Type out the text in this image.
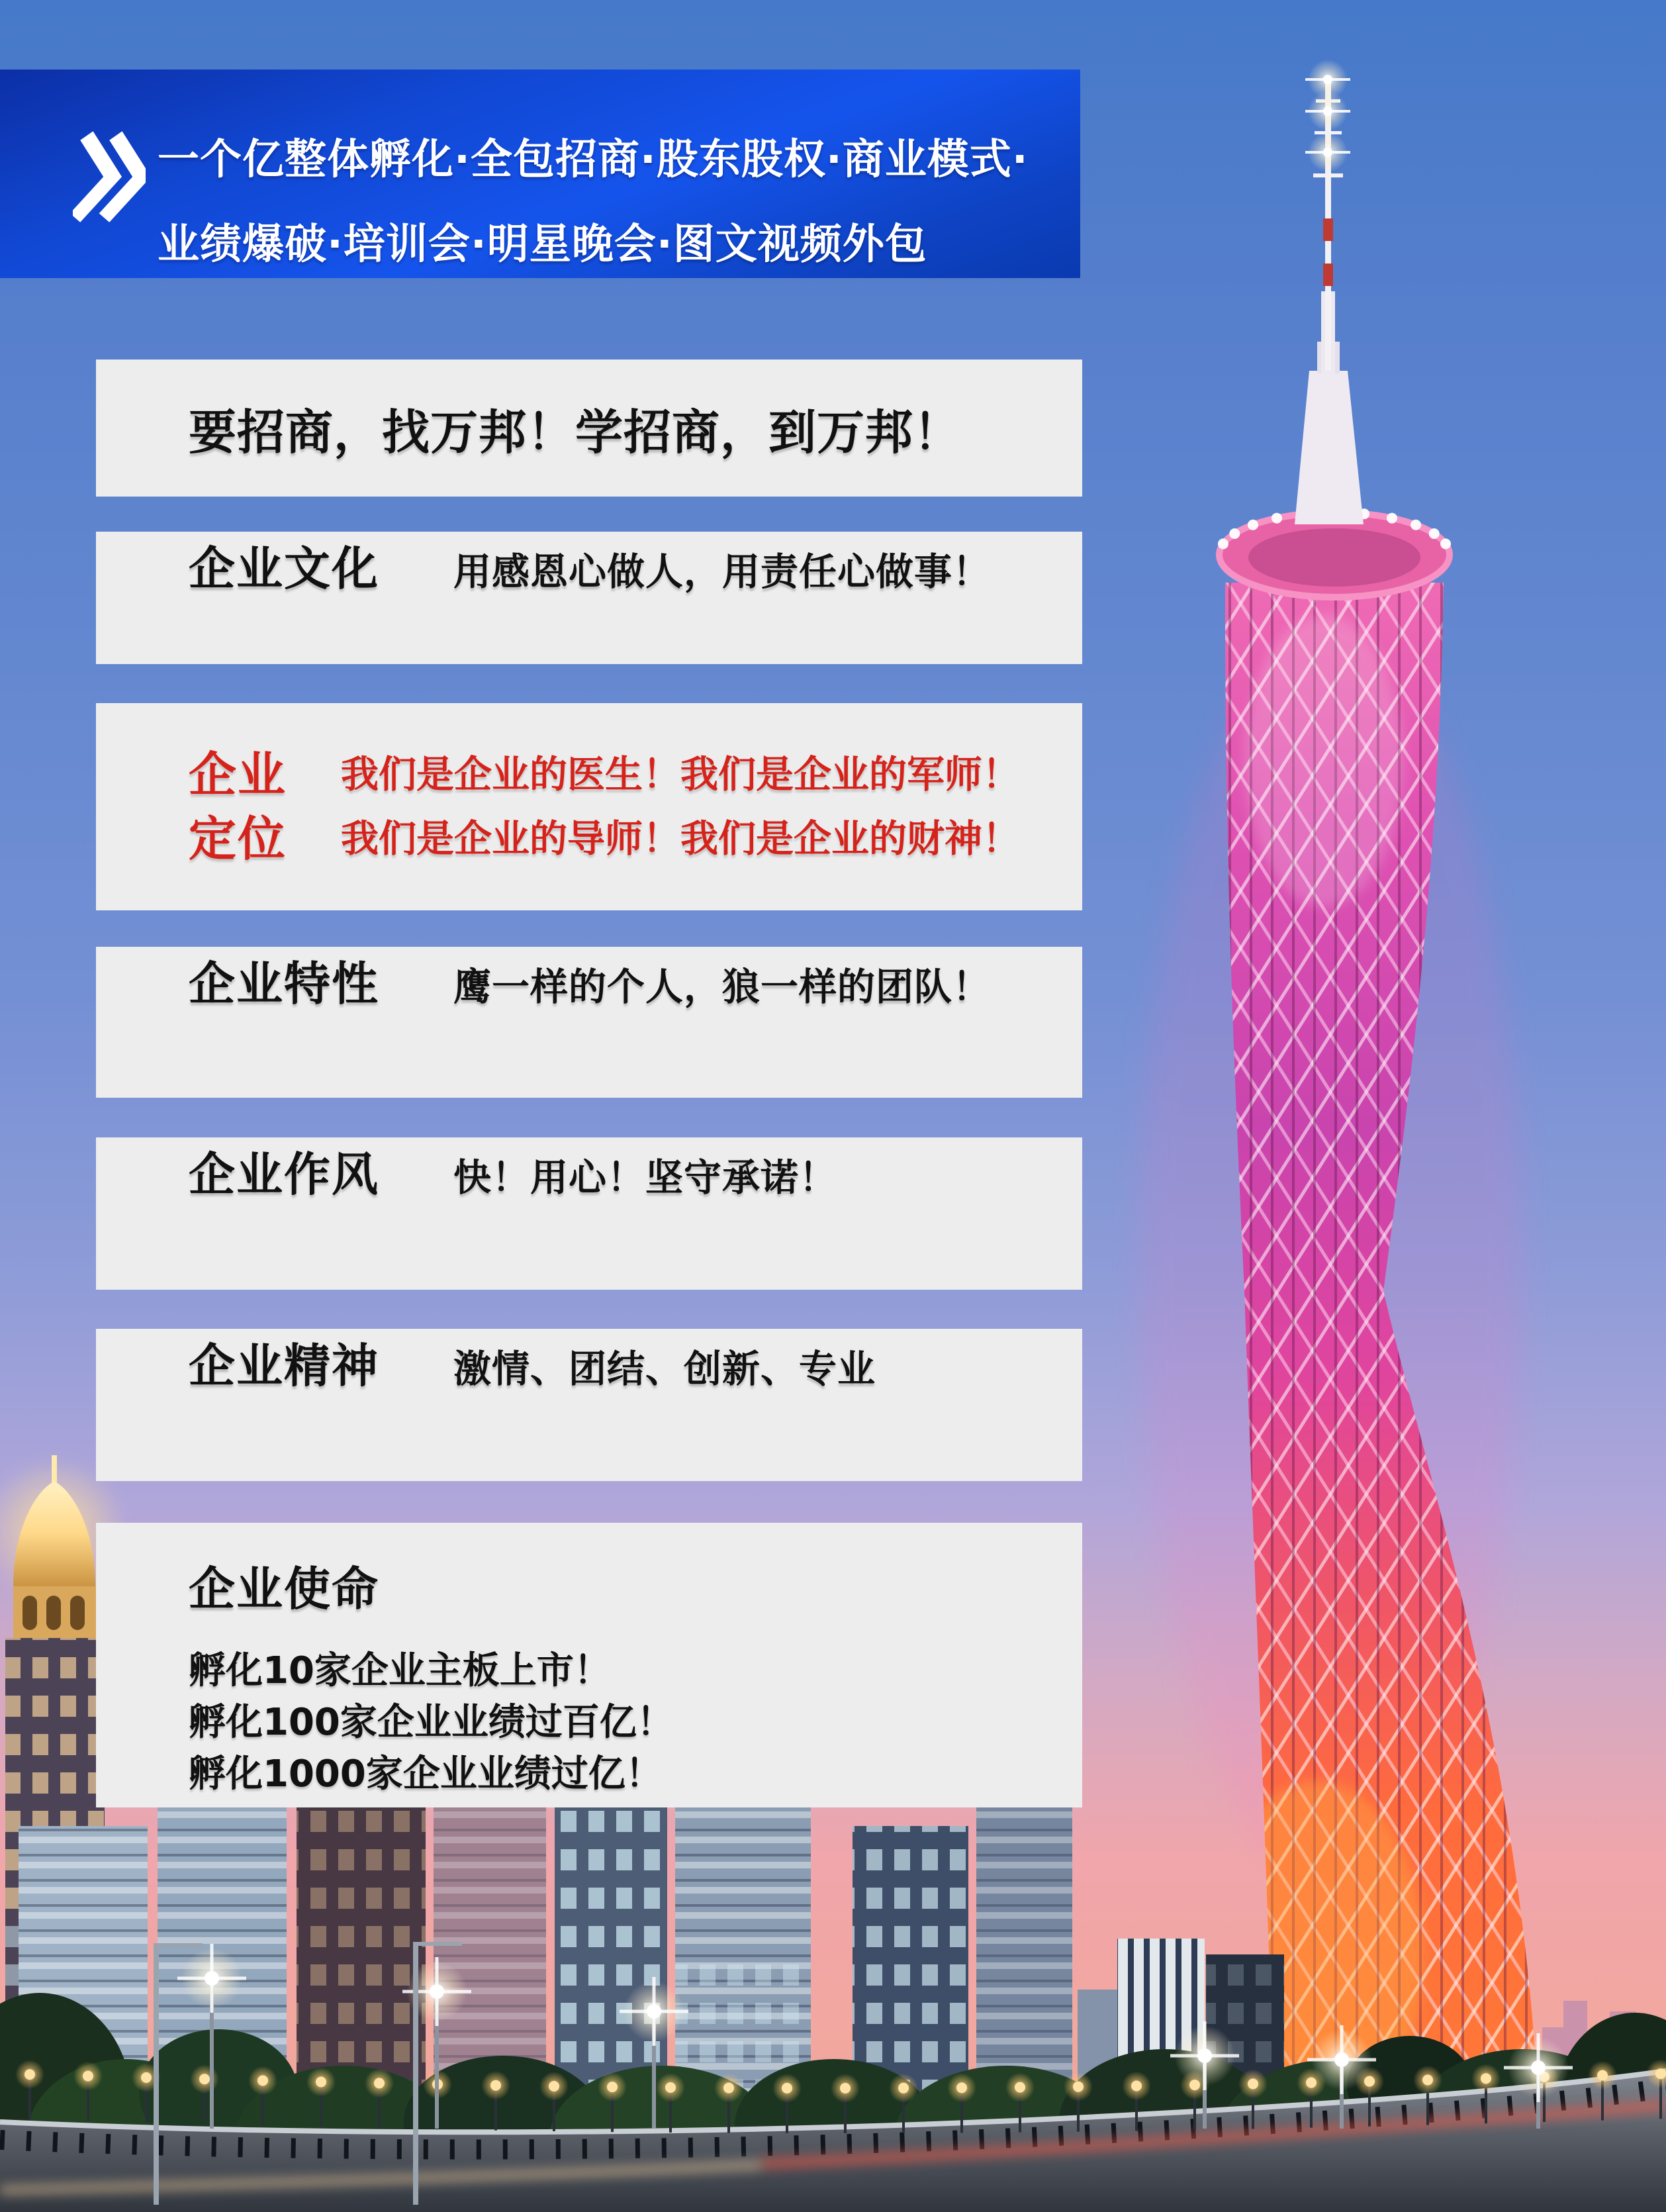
一个亿整体孵化·全包招商·股东股权·商业模式·
业绩爆破·培训会·明星晚会·图文视频外包
要招商，找万邦！学招商，到万邦！
企业文化 用感恩心做人，用责任心做事！
企业
定位
我们是企业的医生！我们是企业的军师！
我们是企业的导师！我们是企业的财神！
企业特性 鹰一样的个人，狼一样的团队！
企业作风 快！用心！坚守承诺！
企业精神 激情、团结、创新、专业
企业使命
孵化10家企业主板上市！
孵化100家企业业绩过百亿！
孵化1000家企业业绩过亿！
